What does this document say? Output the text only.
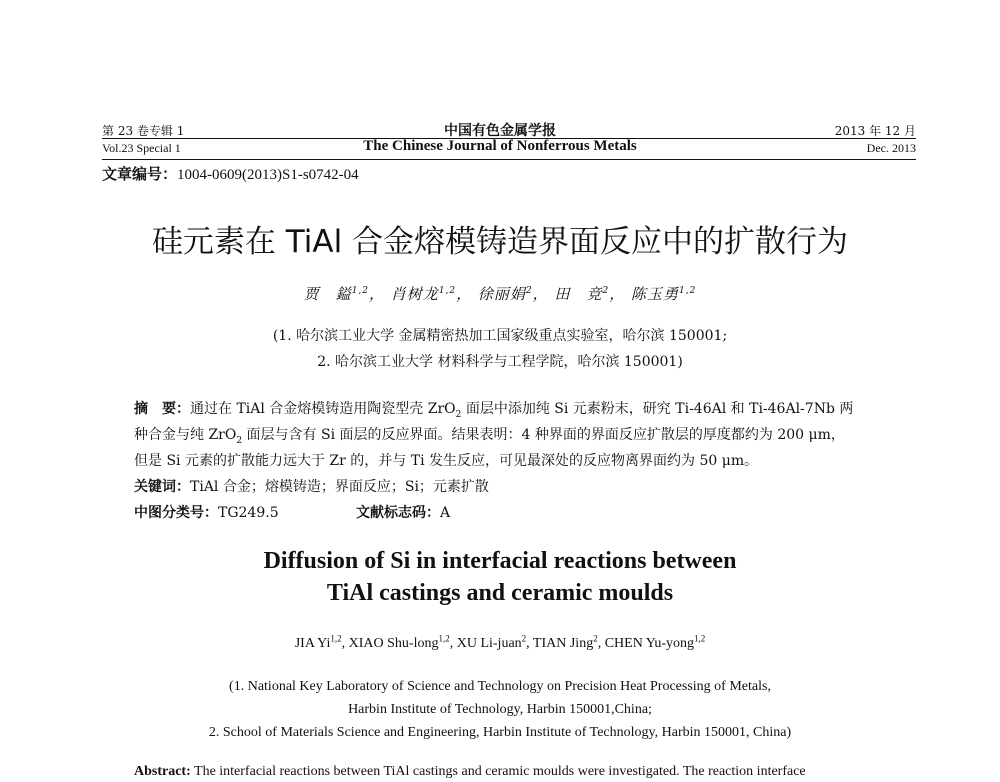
第 23 卷专辑 1
Vol.23 Special 1
中国有色金属学报
The Chinese Journal of Nonferrous Metals
2013 年 12 月
Dec. 2013
文章编号：1004-0609(2013)S1-s0742-04
硅元素在 TiAl 合金熔模铸造界面反应中的扩散行为
贾　鎰$^{1,2}$， 肖树龙$^{1,2}$， 徐丽娟$^2$， 田　竞$^2$， 陈玉勇$^{1,2}$
(1. 哈尔滨工业大学 金属精密热加工国家级重点实验室，哈尔滨 150001;
2. 哈尔滨工业大学 材料科学与工程学院，哈尔滨 150001)
摘　要：通过在 TiAl 合金熔模铸造用陶瓷型壳 ZrO$_2$ 面层中添加纯 Si 元素粉末，研究 Ti-46Al 和 Ti-46Al-7Nb 两
种合金与纯 ZrO$_2$ 面层与含有 Si 面层的反应界面。结果表明：4 种界面的界面反应扩散层的厚度都约为 200 μm，
但是 Si 元素的扩散能力远大于 Zr 的，并与 Ti 发生反应，可见最深处的反应物离界面约为 50 μm。
关键词：TiAl 合金；熔模铸造；界面反应；Si；元素扩散
中图分类号：TG249.5	文献标志码：A
Diffusion of Si in interfacial reactions between
TiAl castings and ceramic moulds
JIA Yi$^{1,2}$, XIAO Shu-long$^{1,2}$, XU Li-juan$^2$, TIAN Jing$^2$, CHEN Yu-yong$^{1,2}$
(1. National Key Laboratory of Science and Technology on Precision Heat Processing of Metals,
Harbin Institute of Technology, Harbin 150001,China;
2. School of Materials Science and Engineering, Harbin Institute of Technology, Harbin 150001, China)
Abstract: The interfacial reactions between TiAl castings and ceramic moulds were investigated. The reaction interface
